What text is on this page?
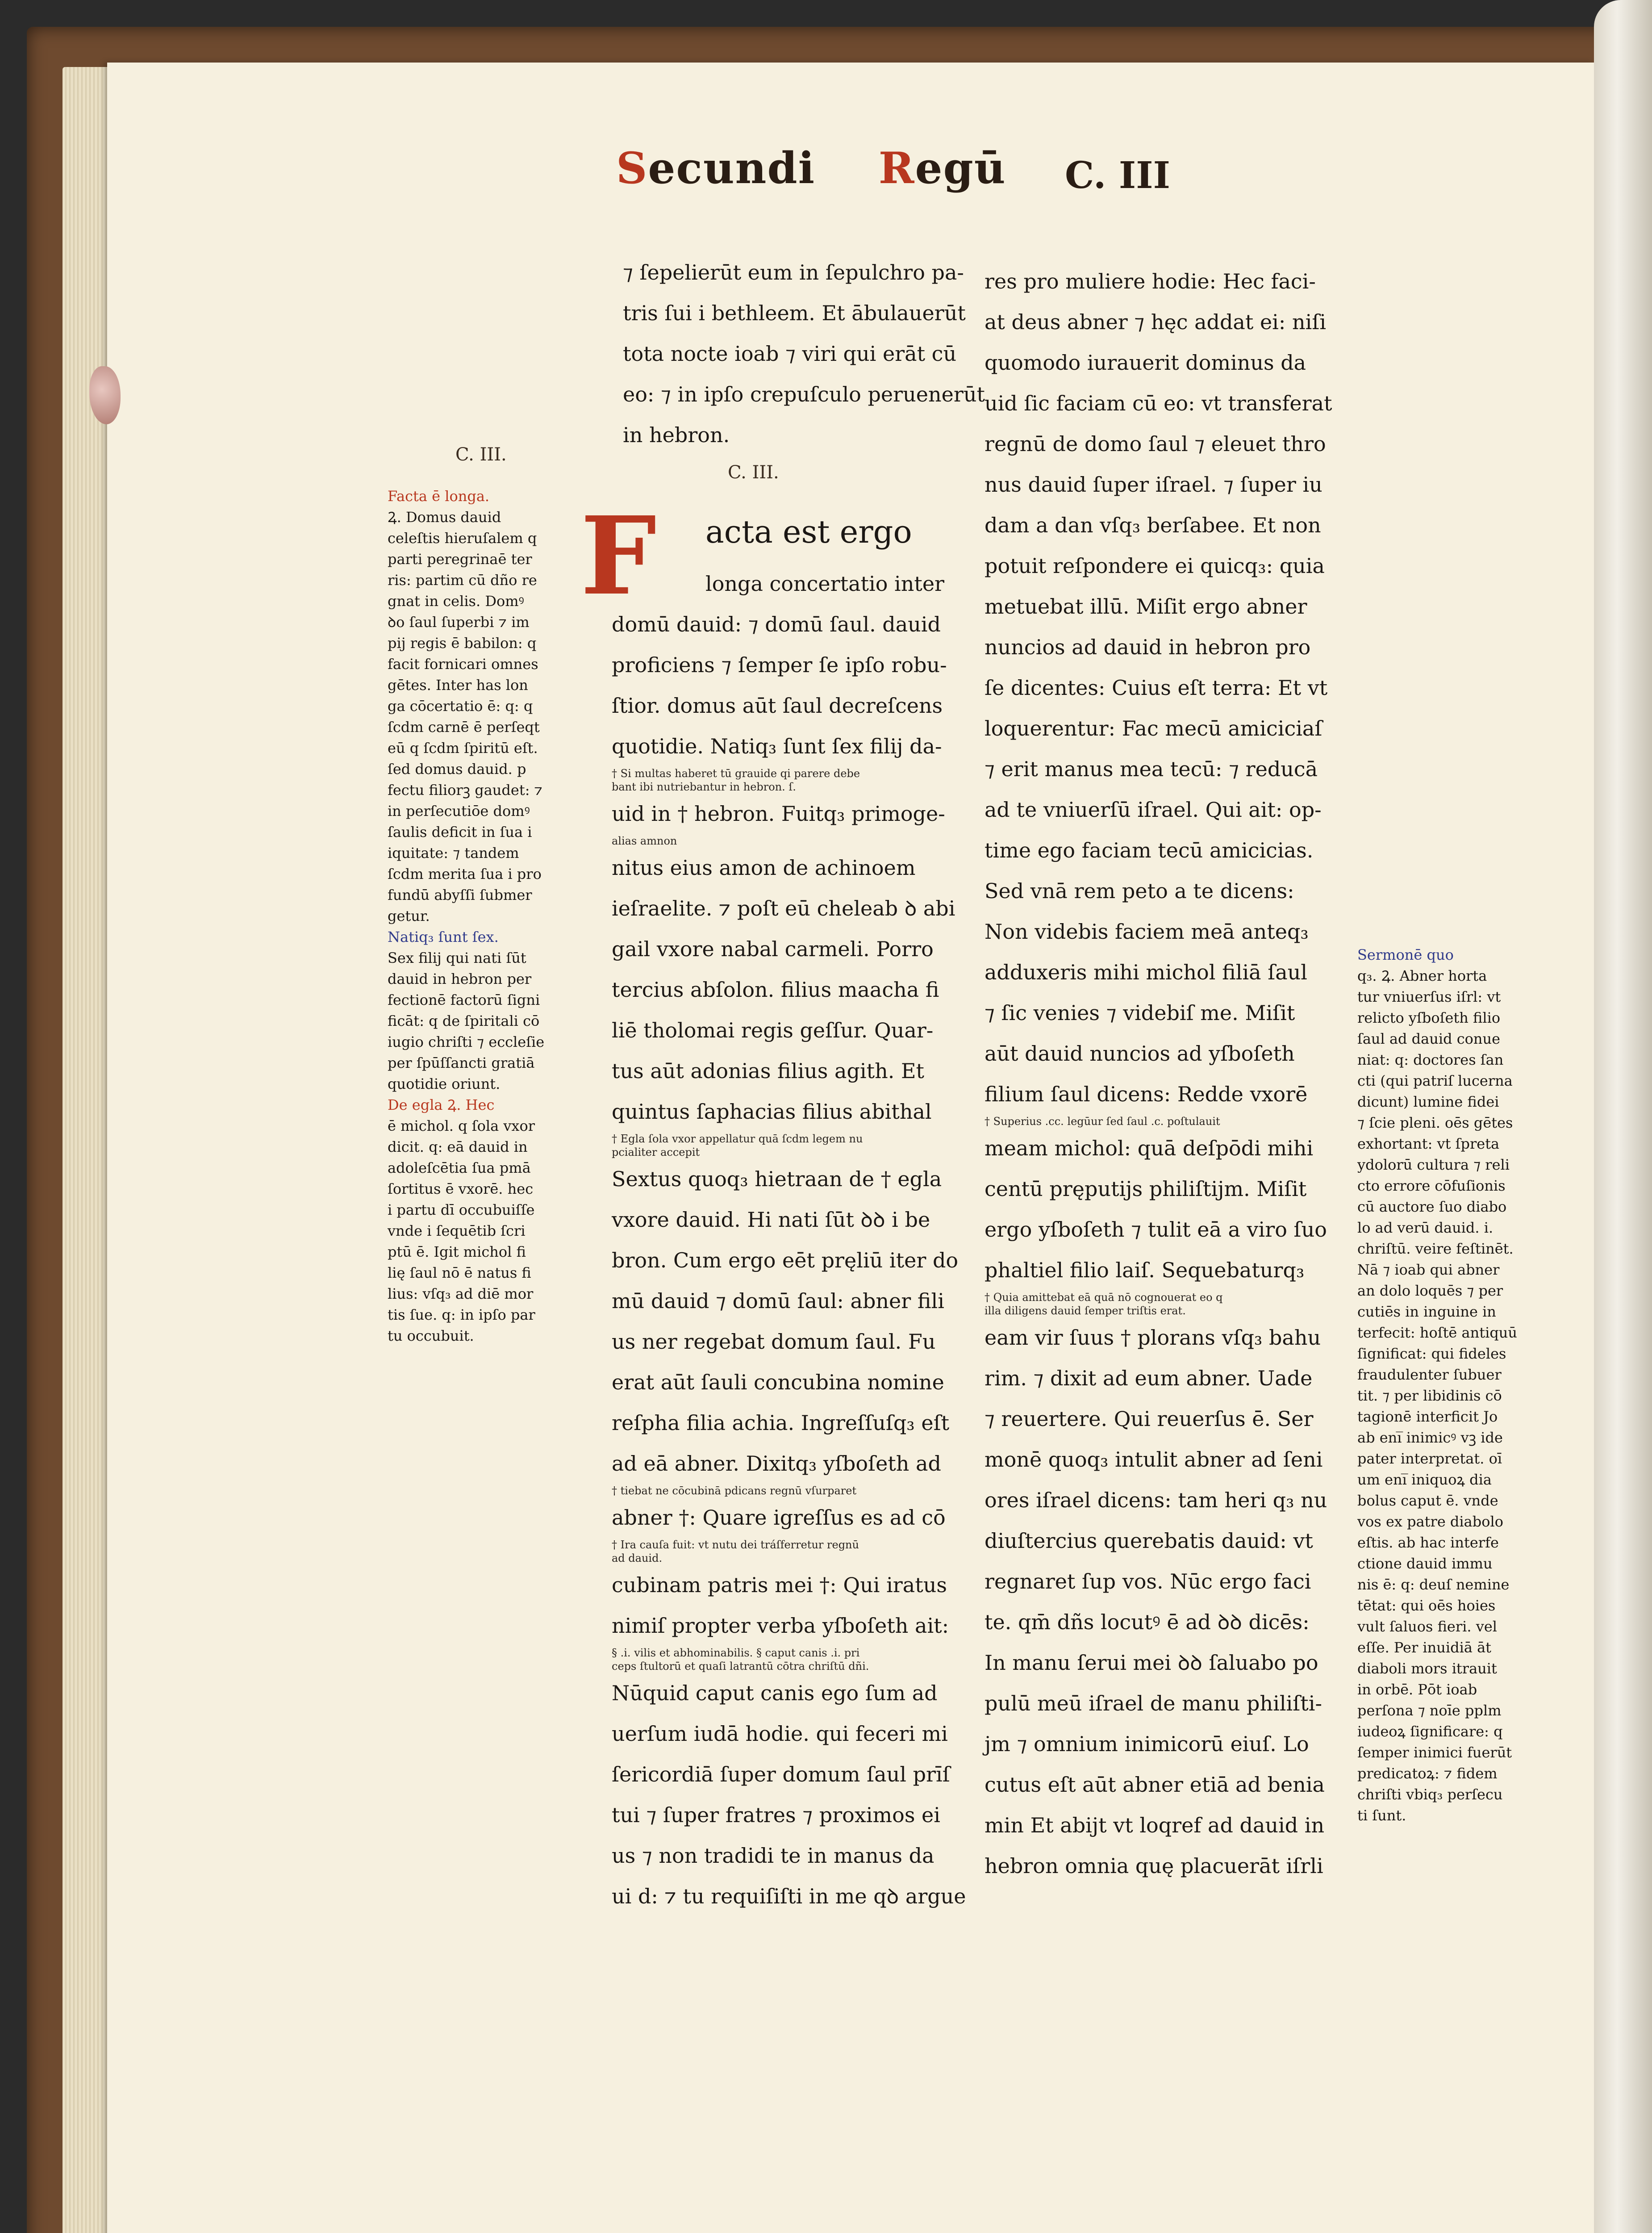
Secundi Regū C. III
C. III.
C. III.
⁊ ſepelierūt eum in ſepulchro pa-
tris ſui i bethleem. Et ābulauerūt
tota nocte ioab ⁊ viri qui erāt cū
eo: ⁊ in ipſo crepuſculo peruenerūt
in hebron.
F	acta est ergo
longa concertatio inter
domū dauid: ⁊ domū ſaul. dauid
proficiens ⁊ ſemper ſe ipſo robu-
ſtior. domus aūt ſaul decreſcens
quotidie. Natiq₃ ſunt ſex filij da-
† Si multas haberet tū grauide qi parere debe
bant ibi nutriebantur in hebron. ſ.
uid in † hebron. Fuitq₃ primoge-
alias amnon
nitus eius amon de achinoem
ieſraelite. ⁊ poſt eū cheleab ꝺ abi
gail vxore nabal carmeli. Porro
tercius abſolon. filius maacha fi
liē tholomai regis geſſur. Quar-
tus aūt adonias filius agith. Et
quintus ſaphacias filius abithal
† Egla ſola vxor appellatur quā ſcdm legem nu
pcialiter accepit
Sextus quoq₃ hietraan de † egla
vxore dauid. Hi nati ſūt ꝺꝺ i be
bron. Cum ergo eēt pręliū iter do
mū dauid ⁊ domū ſaul: abner fili
us ner regebat domum ſaul. Fu
erat aūt ſauli concubina nomine
reſpha filia achia. Ingreſſuſq₃ eſt
ad eā abner. Dixitq₃ yſboſeth ad
† tiebat ne cōcubinā pdicans regnū vſurparet
abner †: Quare igreſſus es ad cō
† Ira cauſa fuit: vt nutu dei tráſferretur regnū
ad dauid.
cubinam patris mei †: Qui iratus
nimiſ propter verba yſboſeth ait:
§ .i. vilis et abhominabilis. § caput canis .i. pri
ceps ſtultorū et quaſi latrantū cōtra chriſtū dñi.
Nūquid caput canis ego ſum ad
uerſum iudā hodie. qui feceri mi
ſericordiā ſuper domum ſaul prīſ
tui ⁊ ſuper fratres ⁊ proximos ei
us ⁊ non tradidi te in manus da
ui d: ⁊ tu requiſiſti in me qꝺ argue
res pro muliere hodie: Hec faci-
at deus abner ⁊ hęc addat ei: niſi
quomodo iurauerit dominus da
uid ſic faciam cū eo: vt transferat
regnū de domo ſaul ⁊ eleuet thro
nus dauid ſuper iſrael. ⁊ ſuper iu
dam a dan vſq₃ berſabee. Et non
potuit reſpondere ei quicq₃: quia
metuebat illū. Miſit ergo abner
nuncios ad dauid in hebron pro
ſe dicentes: Cuius eſt terra: Et vt
loquerentur: Fac mecū amiciciaſ
⁊ erit manus mea tecū: ⁊ reducā
ad te vniuerſū iſrael. Qui ait: op-
time ego faciam tecū amicicias.
Sed vnā rem peto a te dicens:
Non videbis faciem meā anteq₃
adduxeris mihi michol filiā ſaul
⁊ ſic venies ⁊ videbiſ me. Miſit
aūt dauid nuncios ad yſboſeth
filium ſaul dicens: Redde vxorē
† Superius .cc. legūur ſed ſaul .c. poſtulauit
meam michol: quā deſpōdi mihi
centū pręputijs philiſtijm. Miſit
ergo yſboſeth ⁊ tulit eā a viro ſuo
phaltiel filio laiſ. Sequebaturq₃
† Quia amittebat eā quā nō cognouerat eo q
illa diligens dauid ſemper triſtis erat.
eam vir ſuus † plorans vſq₃ bahu
rim. ⁊ dixit ad eum abner. Uade
⁊ reuertere. Qui reuerſus ē. Ser
monē quoq₃ intulit abner ad ſeni
ores iſrael dicens: tam heri q₃ nu
diuſtercius querebatis dauid: vt
regnaret ſup vos. Nūc ergo faci
te. qm̄ dñs locutꝰ ē ad ꝺꝺ dicēs:
In manu ſerui mei ꝺꝺ ſaluabo po
pulū meū iſrael de manu philiſti-
jm ⁊ omnium inimicorū eiuſ. Lo
cutus eſt aūt abner etiā ad benia
min Et abijt vt loqref ad dauid in
hebron omnia quę placuerāt iſrli
Facta ē longa.
Ꝝ. Domus dauid
celeſtis hieruſalem q
parti peregrinaē ter
ris: partim cū dño re
gnat in celis. Domꝰ
ꝺo ſaul ſuperbi ⁊ im
pij regis ē babilon: q
facit fornicari omnes
gētes. Inter has lon
ga cōcertatio ē: q: q
ſcdm carnē ē perſeqt
eū q ſcdm ſpiritū eſt.
ſed domus dauid. p
fectu filiorꝫ gaudet: ⁊
in perſecutiōe domꝰ
ſaulis deficit in ſua i
iquitate: ⁊ tandem
ſcdm merita ſua i pro
fundū abyſſi ſubmer
getur.
Natiq₃ ſunt ſex.
Sex filij qui nati ſūt
dauid in hebron per
fectionē factorū ſigni
ficāt: q de ſpiritali cō
iugio chriſti ⁊ eccleſie
per ſpūſſancti gratiā
quotidie oriunt.
De egla Ꝝ. Hec
ē michol. q ſola vxor
dicit. q: eā dauid in
adoleſcētia ſua pmā
ſortitus ē vxorē. hec
i partu dī occubuiſſe
vnde i ſequētib ſcri
ptū ē. Igit michol fi
lię ſaul nō ē natus fi
lius: vſq₃ ad diē mor
tis ſue. q: in ipſo par
tu occubuit.
Sermonē quo
q₃. Ꝝ. Abner horta
tur vniuerſus iſrl: vt
relicto yſboſeth filio
ſaul ad dauid conue
niat: q: doctores ſan
cti (qui patriſ lucerna
dicunt) lumine fidei
⁊ ſcie pleni. oēs gētes
exhortant: vt ſpreta
ydolorū cultura ⁊ reli
cto errore cōfuſionis
cū auctore ſuo diabo
lo ad verū dauid. i.
chriſtū. veire feſtinēt.
Nā ⁊ ioab qui abner
an dolo loquēs ⁊ per
cutiēs in inguine in
terfecit: hoſtē antiquū
ſignificat: qui fideles
fraudulenter ſubuer
tit. ⁊ per libidinis cō
tagionē interficit Jo
ab eni̅ inimicꝰ vꝫ ide
pater interpretat. oī
um eni̅ iniquoꝝ dia
bolus caput ē. vnde
vos ex patre diabolo
eſtis. ab hac interfe
ctione dauid immu
nis ē: q: deuſ nemine
tētat: qui oēs hoies
vult ſaluos fieri. vel
eſſe. Per inuidiā āt
diaboli mors itrauit
in orbē. Pōt ioab
perſona ⁊ noīe pplm
iudeoꝝ ſignificare: q
ſemper inimici fuerūt
predicatoꝝ: ⁊ fidem
chriſti vbiq₃ perſecu
ti ſunt.
